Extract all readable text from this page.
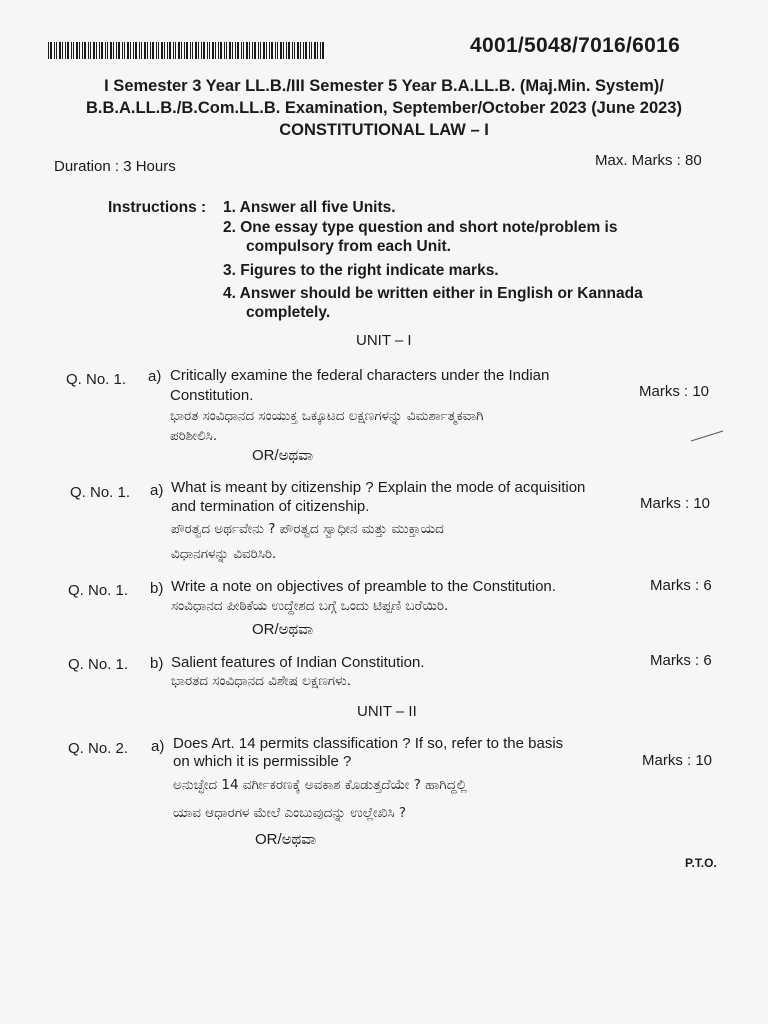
4001/5048/7016/6016
I Semester 3 Year LL.B./III Semester 5 Year B.A.LL.B. (Maj.Min. System)/
B.B.A.LL.B./B.Com.LL.B. Examination, September/October 2023 (June 2023)
CONSTITUTIONAL LAW – I
Duration : 3 Hours	Max. Marks : 80
Instructions : 1. Answer all five Units.
2. One essay type question and short note/problem is
compulsory from each Unit.
3. Figures to the right indicate marks.
4. Answer should be written either in English or Kannada
completely.
UNIT – I
Q. No. 1. a) Critically examine the federal characters under the Indian
Constitution.
ಭಾರತ ಸಂವಿಧಾನದ ಸಂಯುಕ್ತ ಒಕ್ಕೂಟದ ಲಕ್ಷಣಗಳನ್ನು ವಿಮರ್ಶಾತ್ಮಕವಾಗಿ
ಪರಿಶೀಲಿಸಿ.
Marks : 10
OR/ಅಥವಾ
Q. No. 1. a) What is meant by citizenship ? Explain the mode of acquisition
and termination of citizenship.
ಪೌರತ್ವದ ಅರ್ಥವೇನು ? ಪೌರತ್ವದ ಸ್ವಾಧೀನ ಮತ್ತು ಮುಕ್ತಾಯದ
ವಿಧಾನಗಳನ್ನು ವಿವರಿಸಿರಿ.
Marks : 10
Q. No. 1. b) Write a note on objectives of preamble to the Constitution.
ಸಂವಿಧಾನದ ಪೀಠಿಕೆಯ ಉದ್ದೇಶದ ಬಗ್ಗೆ ಒಂದು ಟಿಪ್ಪಣಿ ಬರೆಯಿರಿ.
Marks : 6
OR/ಅಥವಾ
Q. No. 1. b) Salient features of Indian Constitution.
ಭಾರತದ ಸಂವಿಧಾನದ ವಿಶೇಷ ಲಕ್ಷಣಗಳು.
Marks : 6
UNIT – II
Q. No. 2. a) Does Art. 14 permits classification ? If so, refer to the basis
on which it is permissible ?
ಅನುಚ್ಛೇದ 14 ವರ್ಗೀಕರಣಕ್ಕೆ ಅವಕಾಶ ಕೊಡುತ್ತದೆಯೇ ? ಹಾಗಿದ್ದಲ್ಲಿ
ಯಾವ ಆಧಾರಗಳ ಮೇಲೆ ಎಂಬುವುದನ್ನು ಉಲ್ಲೇಖಿಸಿ ?
Marks : 10
OR/ಅಥವಾ
P.T.O.
